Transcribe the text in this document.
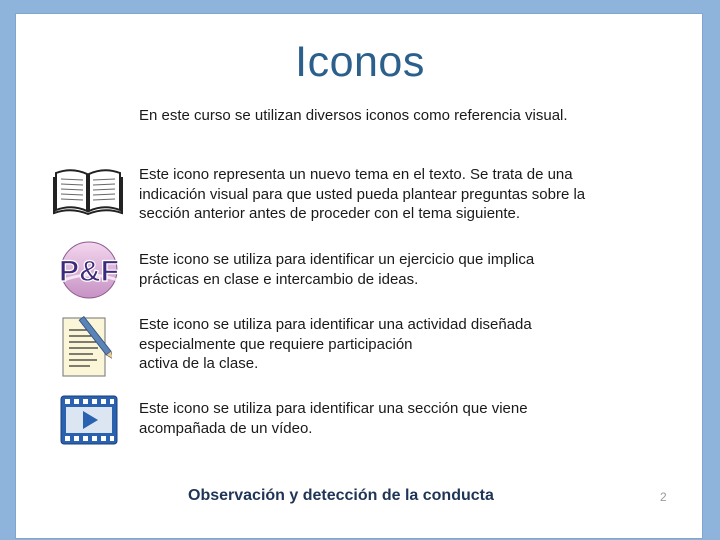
Iconos
En este curso se utilizan diversos iconos como referencia visual.

Este icono representa un nuevo tema en el texto. Se trata de una
indicación visual para que usted pueda plantear preguntas sobre la
sección anterior antes de proceder con el tema siguiente.

P&F Este icono se utiliza para identificar un ejercicio que implica
prácticas en clase e intercambio de ideas.

Este icono se utiliza para identificar una actividad diseñada
especialmente que requiere participación
activa de la clase.

Este icono se utiliza para identificar una sección que viene
acompañada de un vídeo.

Observación y detección de la conducta	2
